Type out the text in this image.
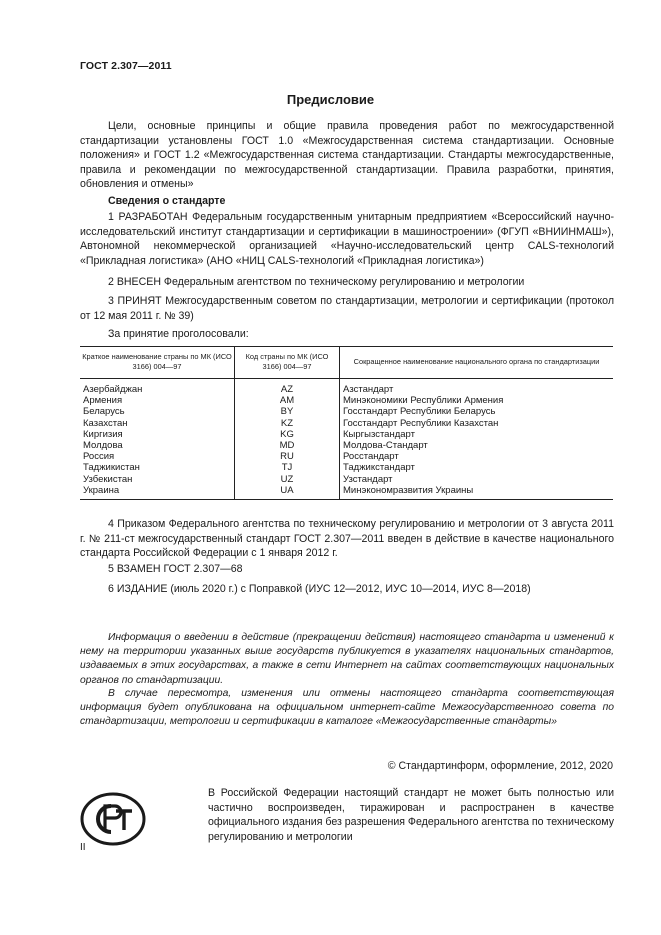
ГОСТ 2.307—2011
Предисловие
Цели, основные принципы и общие правила проведения работ по межгосударственной стандартизации установлены ГОСТ 1.0 «Межгосударственная система стандартизации. Основные положения» и ГОСТ 1.2 «Межгосударственная система стандартизации. Стандарты межгосударственные, правила и рекомендации по межгосударственной стандартизации. Правила разработки, принятия, обновления и отмены»
Сведения о стандарте
1 РАЗРАБОТАН Федеральным государственным унитарным предприятием «Всероссийский научно-исследовательский институт стандартизации и сертификации в машиностроении» (ФГУП «ВНИИНМАШ»), Автономной некоммерческой организацией «Научно-исследовательский центр CALS-технологий «Прикладная логистика» (АНО «НИЦ CALS-технологий «Прикладная логистика»)
2 ВНЕСЕН Федеральным агентством по техническому регулированию и метрологии
3 ПРИНЯТ Межгосударственным советом по стандартизации, метрологии и сертификации (протокол от 12 мая 2011 г. № 39)
За принятие проголосовали:
Краткое наименование страны по МК (ИСО 3166) 004—97	Код страны по МК (ИСО 3166) 004—97	Сокращенное наименование национального органа по стандартизации
Азербайджан	AZ	Азстандарт
Армения	AM	Минэкономики Республики Армения
Беларусь	BY	Госстандарт Республики Беларусь
Казахстан	KZ	Госстандарт Республики Казахстан
Киргизия	KG	Кыргызстандарт
Молдова	MD	Молдова-Стандарт
Россия	RU	Росстандарт
Таджикистан	TJ	Таджикстандарт
Узбекистан	UZ	Узстандарт
Украина	UA	Минэкономразвития Украины
4 Приказом Федерального агентства по техническому регулированию и метрологии от 3 августа 2011 г. № 211-ст межгосударственный стандарт ГОСТ 2.307—2011 введен в действие в качестве национального стандарта Российской Федерации с 1 января 2012 г.
5 ВЗАМЕН ГОСТ 2.307—68
6 ИЗДАНИЕ (июль 2020 г.) с Поправкой (ИУС 12—2012, ИУС 10—2014, ИУС 8—2018)
Информация о введении в действие (прекращении действия) настоящего стандарта и изменений к нему на территории указанных выше государств публикуется в указателях национальных стандартов, издаваемых в этих государствах, а также в сети Интернет на сайтах соответствующих национальных органов по стандартизации.
В случае пересмотра, изменения или отмены настоящего стандарта соответствующая информация будет опубликована на официальном интернет-сайте Межгосударственного совета по стандартизации, метрологии и сертификации в каталоге «Межгосударственные стандарты»
© Стандартинформ, оформление, 2012, 2020
В Российской Федерации настоящий стандарт не может быть полностью или частично воспроизведен, тиражирован и распространен в качестве официального издания без разрешения Федерального агентства по техническому регулированию и метрологии
II
